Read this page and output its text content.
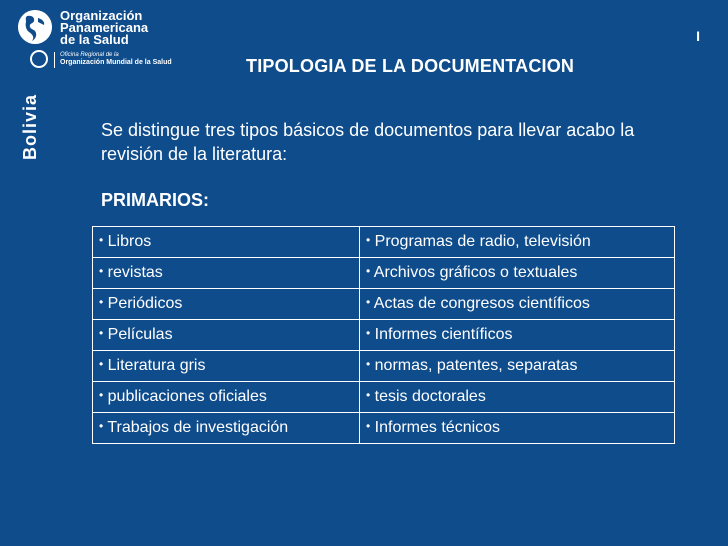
Organización
Panamericana
de la Salud
Oficina Regional de la
Organización Mundial de la Salud
Bolivia
I
TIPOLOGIA DE LA DOCUMENTACION
Se distingue tres tipos básicos de documentos para llevar acabo la revisión de la literatura:
PRIMARIOS:
• Libros	• Programas de radio, televisión
• revistas	• Archivos gráficos o textuales
• Periódicos	• Actas de congresos científicos
• Películas	• Informes científicos
• Literatura gris	• normas, patentes, separatas
• publicaciones oficiales	• tesis doctorales
• Trabajos de investigación	• Informes técnicos
